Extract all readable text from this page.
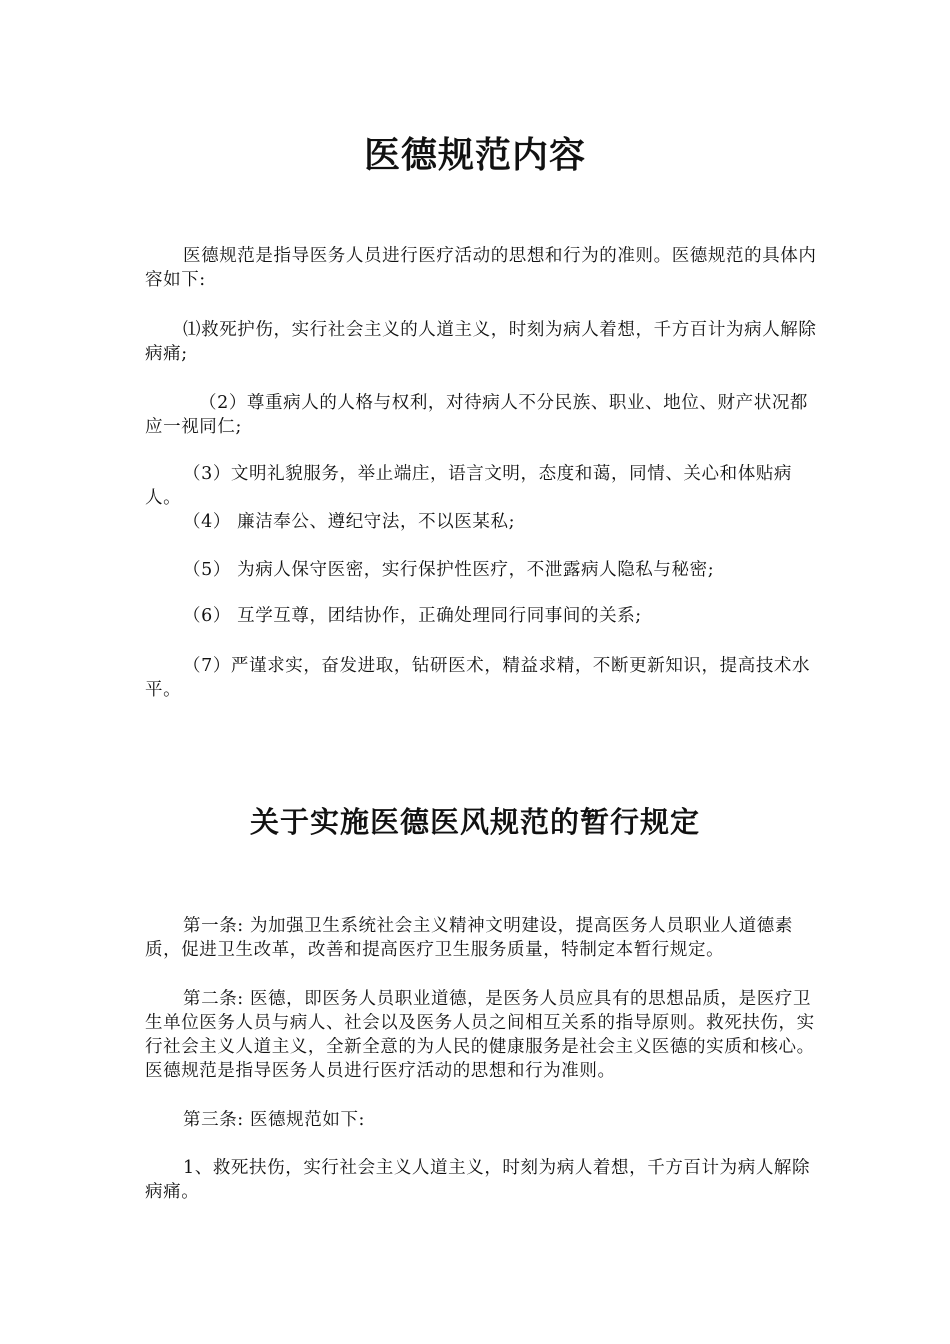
医德规范内容

医德规范是指导医务人员进行医疗活动的思想和行为的准则。医德规范的具体内容如下:

⑴救死护伤，实行社会主义的人道主义，时刻为病人着想，千方百计为病人解除病痛;

（2）尊重病人的人格与权利，对待病人不分民族、职业、地位、财产状况都应一视同仁;

（3）文明礼貌服务，举止端庄，语言文明，态度和蔼，同情、关心和体贴病人。

（4） 廉洁奉公、遵纪守法，不以医某私;

（5） 为病人保守医密，实行保护性医疗，不泄露病人隐私与秘密;

（6） 互学互尊，团结协作，正确处理同行同事间的关系;

（7）严谨求实，奋发进取，钻研医术，精益求精，不断更新知识，提高技术水平。

关于实施医德医风规范的暂行规定

第一条: 为加强卫生系统社会主义精神文明建设，提高医务人员职业人道德素质，促进卫生改革，改善和提高医疗卫生服务质量，特制定本暂行规定。

第二条: 医德，即医务人员职业道德，是医务人员应具有的思想品质，是医疗卫生单位医务人员与病人、社会以及医务人员之间相互关系的指导原则。救死扶伤，实行社会主义人道主义，全新全意的为人民的健康服务是社会主义医德的实质和核心。医德规范是指导医务人员进行医疗活动的思想和行为准则。

第三条: 医德规范如下:

1、救死扶伤，实行社会主义人道主义，时刻为病人着想，千方百计为病人解除病痛。
